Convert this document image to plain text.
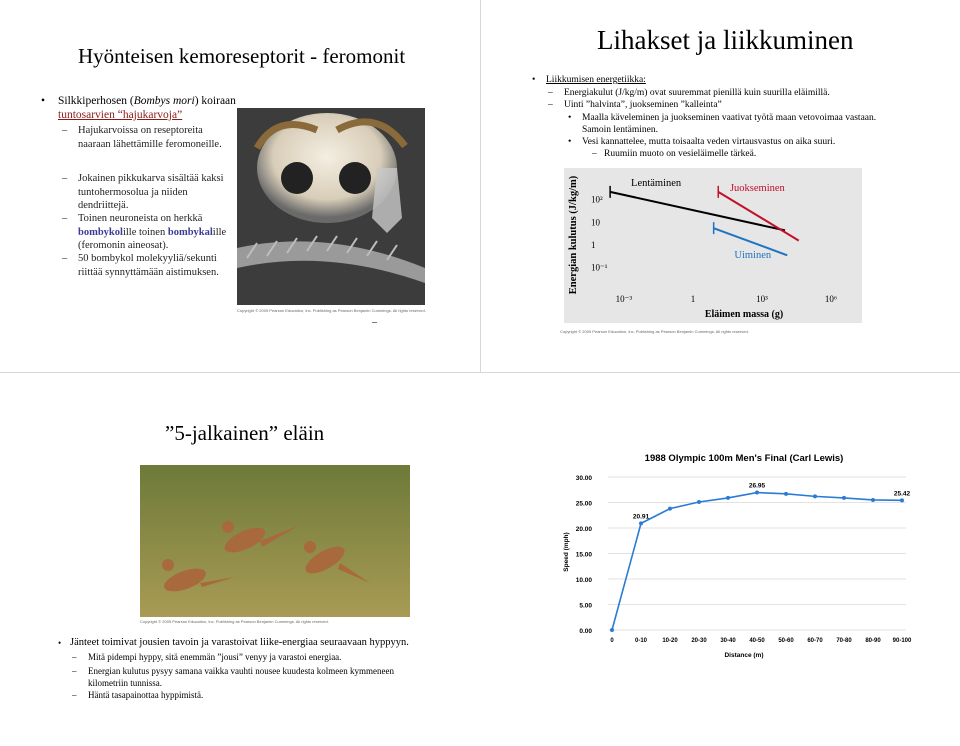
Hyönteisen kemoreseptorit - feromonit
• Silkkiperhosen (Bombys mori) koiraan tuntosarvien “hajukarvoja”
– Hajukarvoissa on reseptoreita naaraan lähettämille feromoneille.
– Jokainen pikkukarva sisältää kaksi tuntohermosolua ja niiden dendriittejä.
– Toinen neuroneista on herkkä bombykolille toinen bombykalille (feromonin aineosat).
– 50 bombykol molekyyliä/sekunti riittää synnyttämään aistimuksen.
Copyright © 2005 Pearson Education, Inc. Publishing as Pearson Benjamin Cummings. All rights reserved.
–
Lihakset ja liikkuminen
• Liikkumisen energetiikka:
– Energiakulut (J/kg/m) ovat suuremmat pienillä kuin suurilla eläimillä.
– Uinti ”halvinta”, juokseminen ”kalleinta”
• Maalla käveleminen ja juokseminen vaativat työtä maan vetovoimaa vastaan. Samoin lentäminen.
• Vesi kannattelee, mutta toisaalta veden virtausvastus on aika suuri.
– Ruumiin muoto on vesieläimelle tärkeä.
Energian kulutus (J/kg/m) 10²
10
1
10⁻¹
10⁻³	1	10³	10⁶
Eläimen massa (g)
Lentäminen	Juokseminen
Uiminen
Copyright © 2005 Pearson Education, Inc. Publishing as Pearson Benjamin Cummings. All rights reserved.
”5-jalkainen” eläin
Copyright © 2005 Pearson Education, Inc. Publishing as Pearson Benjamin Cummings. All rights reserved.
• Jänteet toimivat jousien tavoin ja varastoivat liike-energiaa seuraavaan hyppyyn.
– Mitä pidempi hyppy, sitä enemmän ”jousi” venyy ja varastoi energiaa.
– Energian kulutus pysyy samana vaikka vauhti nousee kuudesta kolmeen kymmeneen kilometriin tunnissa.
– Häntä tasapainottaa hyppimistä.
1988 Olympic 100m Men's Final (Carl Lewis)
0.00
5.00
10.00
15.00
20.00
25.00
30.00
Speed (mph)
0	0-10	10-20 20-30 30-40 40-50 50-60 60-70 70-80 80-90 90-100
Distance (m)
20.91
26.95
25.42
